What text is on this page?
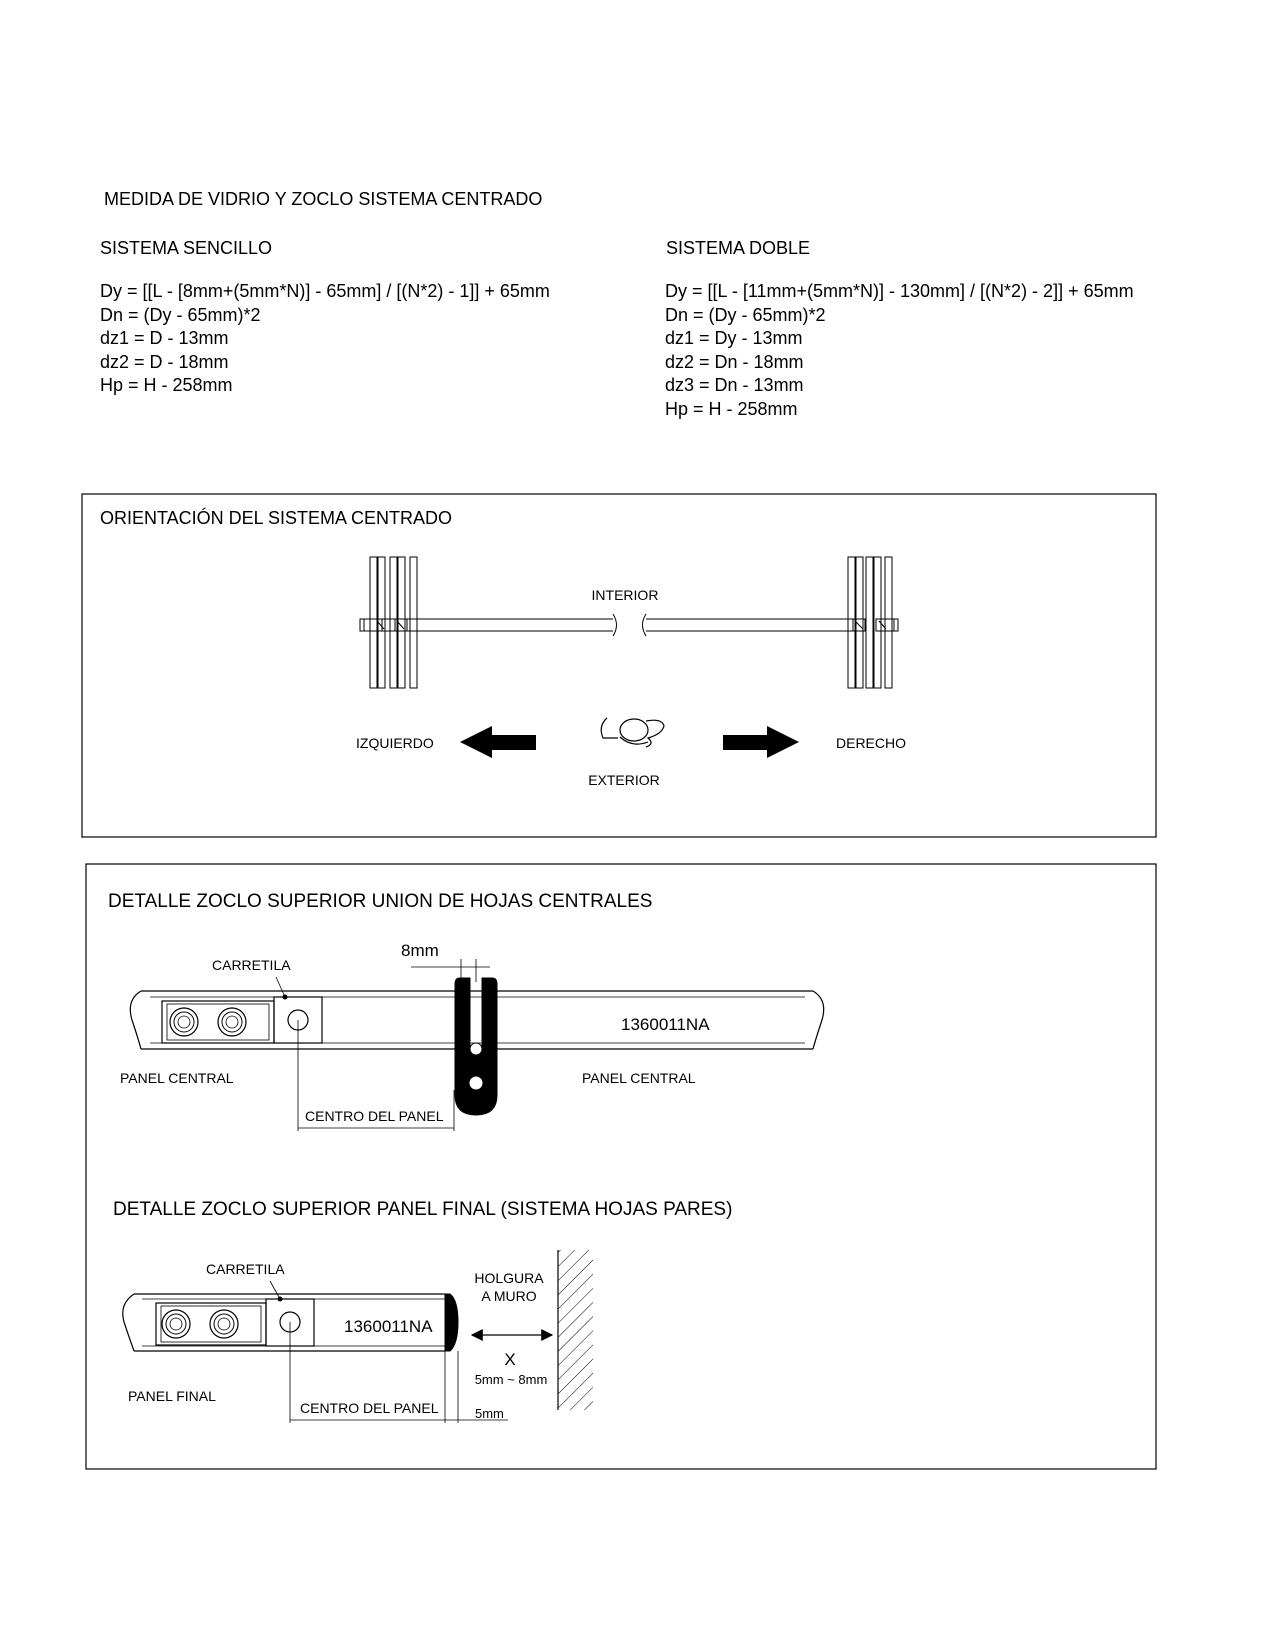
MEDIDA DE VIDRIO Y ZOCLO SISTEMA CENTRADO
SISTEMA SENCILLO	SISTEMA DOBLE
Dy = [[L - [8mm+(5mm*N)] - 65mm] / [(N*2) - 1]] + 65mm
Dn = (Dy - 65mm)*2
dz1 = D - 13mm
dz2 = D - 18mm
Hp = H - 258mm
Dy = [[L - [11mm+(5mm*N)] - 130mm] / [(N*2) - 2]] + 65mm
Dn = (Dy - 65mm)*2
dz1 = Dy - 13mm
dz2 = Dn - 18mm
dz3 = Dn - 13mm
Hp = H - 258mm
ORIENTACIÓN DEL SISTEMA CENTRADO
INTERIOR
IZQUIERDO	DERECHO
EXTERIOR
DETALLE ZOCLO SUPERIOR UNION DE HOJAS CENTRALES
8mm
CARRETILA
1360011NA
PANEL CENTRAL	PANEL CENTRAL
CENTRO DEL PANEL
DETALLE ZOCLO SUPERIOR PANEL FINAL (SISTEMA HOJAS PARES)
CARRETILA
1360011NA
HOLGURA
A MURO
X
5mm ~ 8mm
PANEL FINAL
CENTRO DEL PANEL	5mm
